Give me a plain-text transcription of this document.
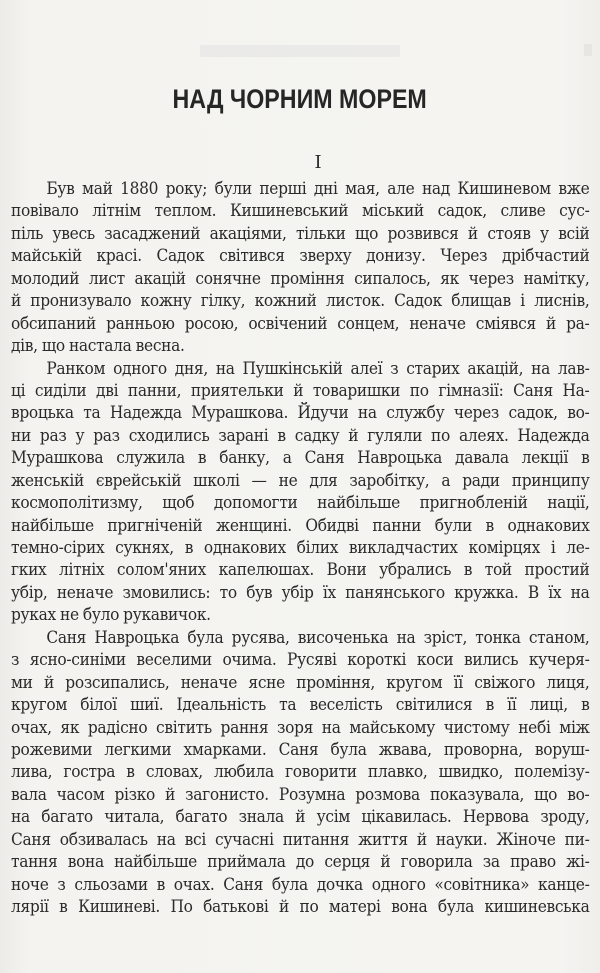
НАД ЧОРНИМ МОРЕМ
I
Був май 1880 року; були перші дні мая, але над Кишиневом вже
повівало літнім теплом. Кишиневський міський садок, сливе сус-
піль увесь засаджений акаціями, тільки що розвився й стояв у всій
майській красі. Садок світився зверху донизу. Через дрібчастий
молодий лист акацій сонячне проміння сипалось, як через намітку,
й пронизувало кожну гілку, кожний листок. Садок блищав і лиснів,
обсипаний ранньою росою, освічений сонцем, неначе сміявся й ра-
дів, що настала весна.
Ранком одного дня, на Пушкінській алеї з старих акацій, на лав-
ці сиділи дві панни, приятельки й товаришки по гімназії: Саня На-
вроцька та Надежда Мурашкова. Йдучи на службу через садок, во-
ни раз у раз сходились зарані в садку й гуляли по алеях. Надежда
Мурашкова служила в банку, а Саня Навроцька давала лекції в
женській єврейській школі — не для заробітку, а ради принципу
космополітизму, щоб допомогти найбільше пригнобленій нації,
найбільше пригніченій женщині. Обидві панни були в однакових
темно-сірих сукнях, в однакових білих викладчастих комірцях і ле-
гких літніх солом'яних капелюшах. Вони убрались в той простий
убір, неначе змовились: то був убір їх панянського кружка. В їх на
руках не було рукавичок.
Саня Навроцька була русява, височенька на зріст, тонка станом,
з ясно-синіми веселими очима. Русяві короткі коси вились кучеря-
ми й розсипались, неначе ясне проміння, кругом її свіжого лиця,
кругом білої шиї. Ідеальність та веселість світилися в її лиці, в
очах, як радісно світить рання зоря на майському чистому небі між
рожевими легкими хмарками. Саня була жвава, проворна, воруш-
лива, гостра в словах, любила говорити плавко, швидко, полемізу-
вала часом різко й загонисто. Розумна розмова показувала, що во-
на багато читала, багато знала й усім цікавилась. Нервова зроду,
Саня обзивалась на всі сучасні питання життя й науки. Жіноче пи-
тання вона найбільше приймала до серця й говорила за право жі-
ноче з сльозами в очах. Саня була дочка одного «совітника» канце-
лярії в Кишиневі. По батькові й по матері вона була кишиневська
